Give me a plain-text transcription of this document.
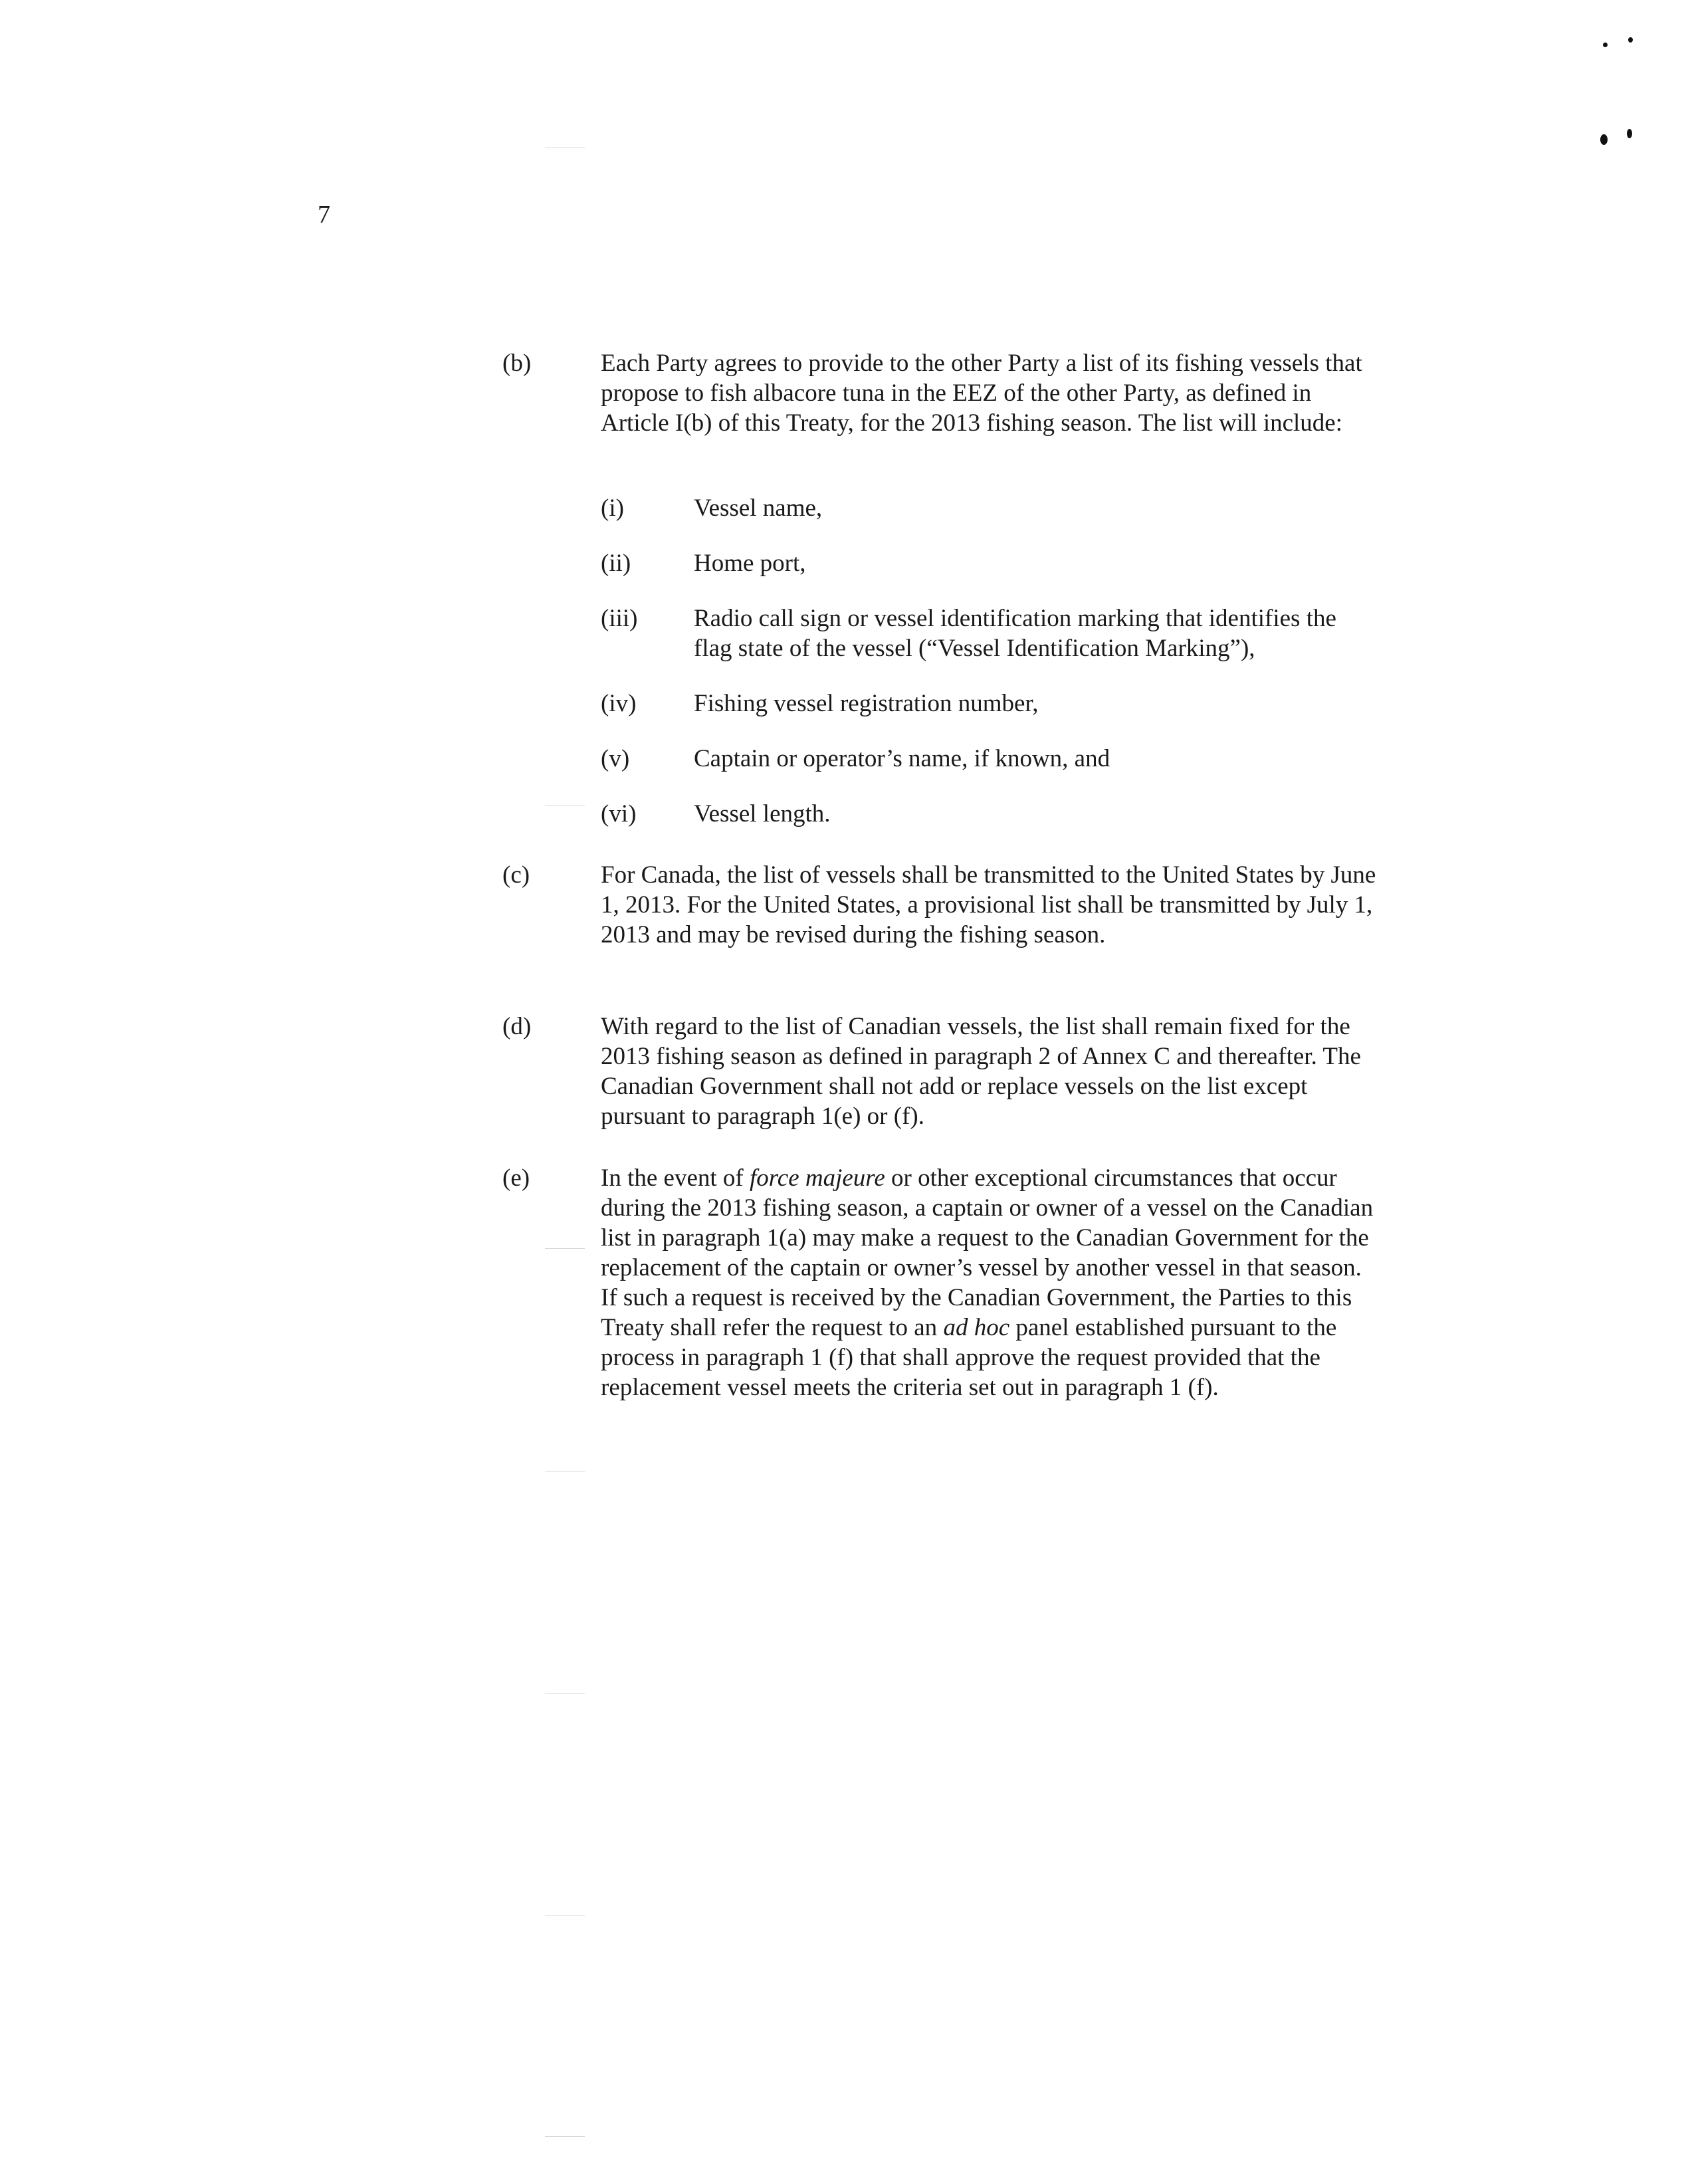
7
(b)	Each Party agrees to provide to the other Party a list of its fishing vessels that propose to fish albacore tuna in the EEZ of the other Party, as defined in Article I(b) of this Treaty, for the 2013 fishing season. The list will include:
(i)	Vessel name,
(ii)	Home port,
(iii) Radio call sign or vessel identification marking that identifies the flag state of the vessel (“Vessel Identification Marking”),
(iv) Fishing vessel registration number,
(v)	Captain or operator’s name, if known, and
(vi) Vessel length.
(c)	For Canada, the list of vessels shall be transmitted to the United States by June 1, 2013. For the United States, a provisional list shall be transmitted by July 1, 2013 and may be revised during the fishing season.
(d)	With regard to the list of Canadian vessels, the list shall remain fixed for the 2013 fishing season as defined in paragraph 2 of Annex C and thereafter. The Canadian Government shall not add or replace vessels on the list except pursuant to paragraph 1(e) or (f).
(e)	In the event of force majeure or other exceptional circumstances that occur during the 2013 fishing season, a captain or owner of a vessel on the Canadian list in paragraph 1(a) may make a request to the Canadian Government for the replacement of the captain or owner’s vessel by another vessel in that season. If such a request is received by the Canadian Government, the Parties to this Treaty shall refer the request to an ad hoc panel established pursuant to the process in paragraph 1 (f) that shall approve the request provided that the replacement vessel meets the criteria set out in paragraph 1 (f).
